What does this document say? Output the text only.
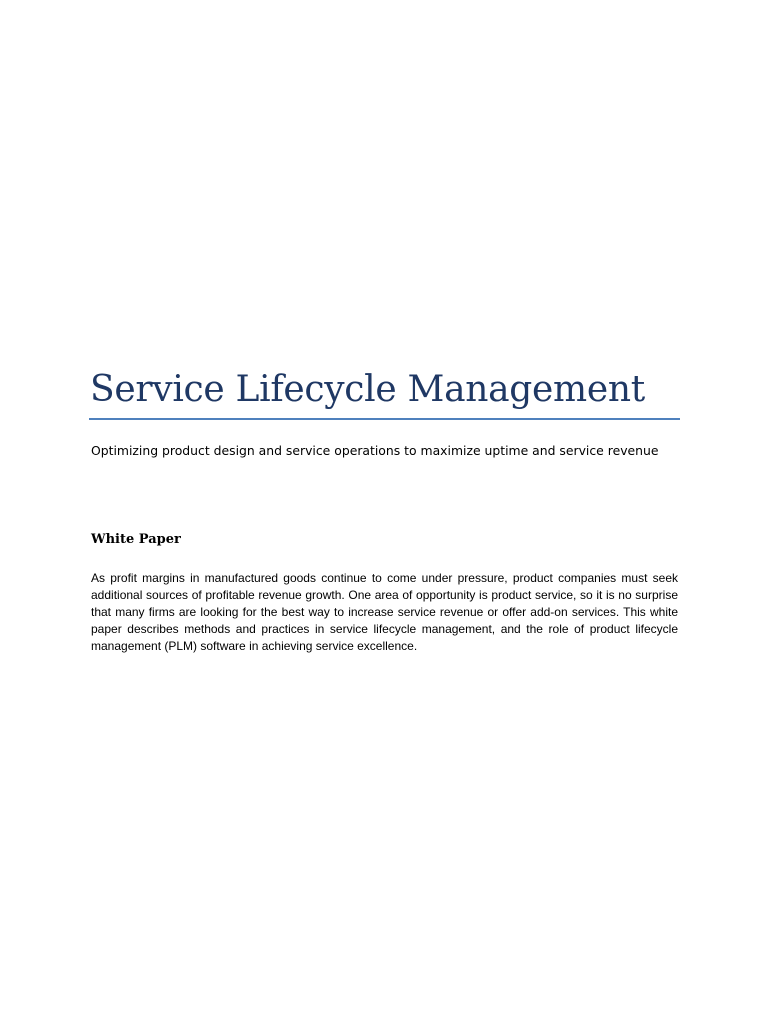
Service Lifecycle Management

Optimizing product design and service operations to maximize uptime and service revenue

White Paper

As profit margins in manufactured goods continue to come under pressure, product companies must seek additional sources of profitable revenue growth. One area of opportunity is product service, so it is no surprise that many firms are looking for the best way to increase service revenue or offer add-on services. This white paper describes methods and practices in service lifecycle management, and the role of product lifecycle management (PLM) software in achieving service excellence.
